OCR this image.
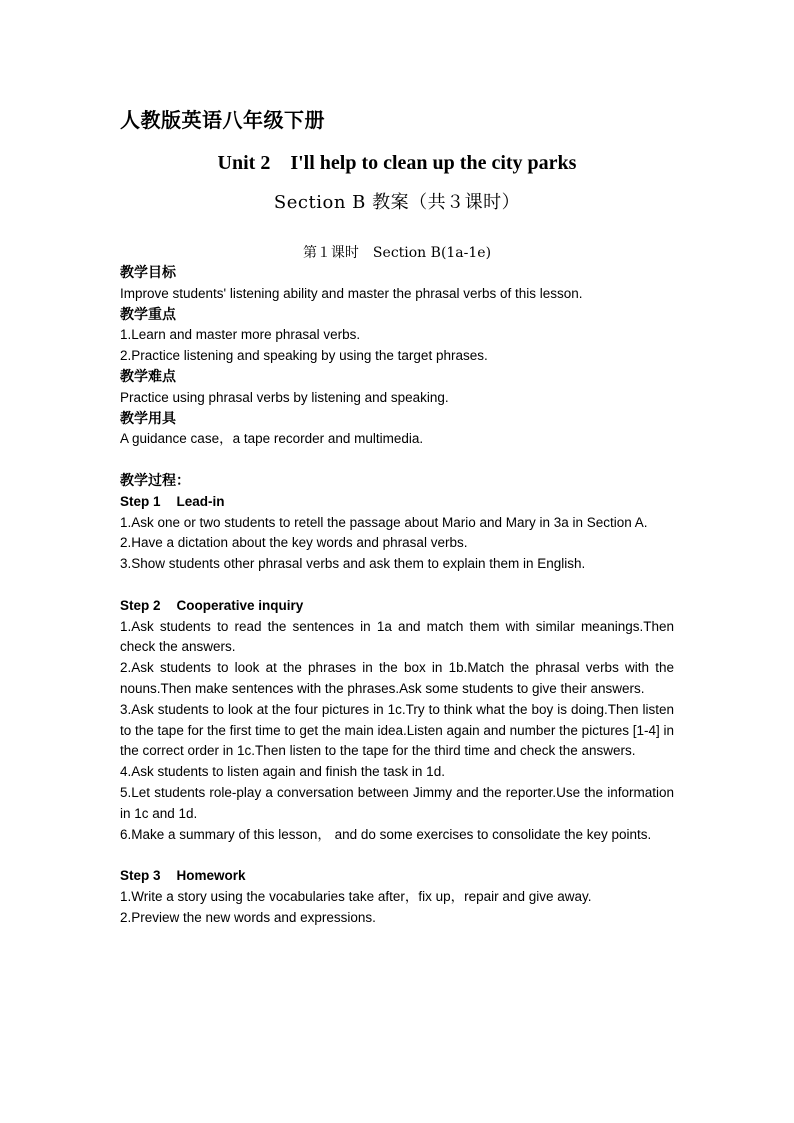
人教版英语八年级下册
Unit 2　I'll help to clean up the city parks
Section B 教案（共３课时）
第１课时　Section B(1a-1e)

教学目标

Improve students' listening ability and master the phrasal verbs of this lesson.

教学重点

1.Learn and master more phrasal verbs.

2.Practice listening and speaking by using the target phrases.

教学难点

Practice using phrasal verbs by listening and speaking.

教学用具

A guidance case，a tape recorder and multimedia.

教学过程：

Step 1 Lead-in

1.Ask one or two students to retell the passage about Mario and Mary in 3a in Section A.

2.Have a dictation about the key words and phrasal verbs.

3.Show students other phrasal verbs and ask them to explain them in English.

Step 2 Cooperative inquiry

1.Ask students to read the sentences in 1a and match them with similar meanings.Then check the answers.

2.Ask students to look at the phrases in the box in 1b.Match the phrasal verbs with the nouns.Then make sentences with the phrases.Ask some students to give their answers.

3.Ask students to look at the four pictures in 1c.Try to think what the boy is doing.Then listen to the tape for the first time to get the main idea.Listen again and number the pictures [1-4] in the correct order in 1c.Then listen to the tape for the third time and check the answers.

4.Ask students to listen again and finish the task in 1d.

5.Let students role-play a conversation between Jimmy and the reporter.Use the information in 1c and 1d.

6.Make a summary of this lesson， and do some exercises to consolidate the key points.

Step 3 Homework

1.Write a story using the vocabularies take after，fix up，repair and give away.

2.Preview the new words and expressions.
